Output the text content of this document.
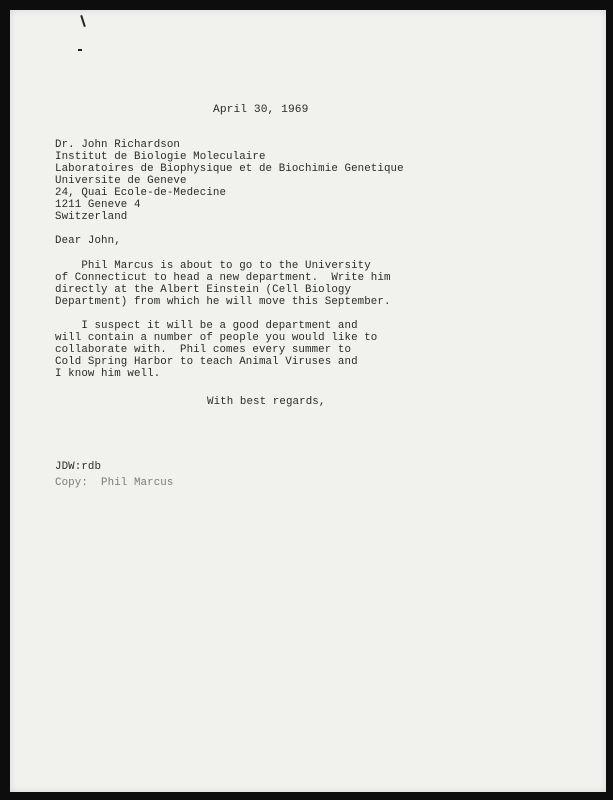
April 30, 1969

Dr. John Richardson

Institut de Biologie Moleculaire

Laboratoires de Biophysique et de Biochimie Genetique

Universite de Geneve

24, Quai Ecole-de-Medecine

1211 Geneve 4

Switzerland

Dear John,

Phil Marcus is about to go to the University

of Connecticut to head a new department.  Write him

directly at the Albert Einstein (Cell Biology

Department) from which he will move this September.

I suspect it will be a good department and

will contain a number of people you would like to

collaborate with.  Phil comes every summer to

Cold Spring Harbor to teach Animal Viruses and

I know him well.

With best regards,

JDW:rdb

Copy:  Phil Marcus
